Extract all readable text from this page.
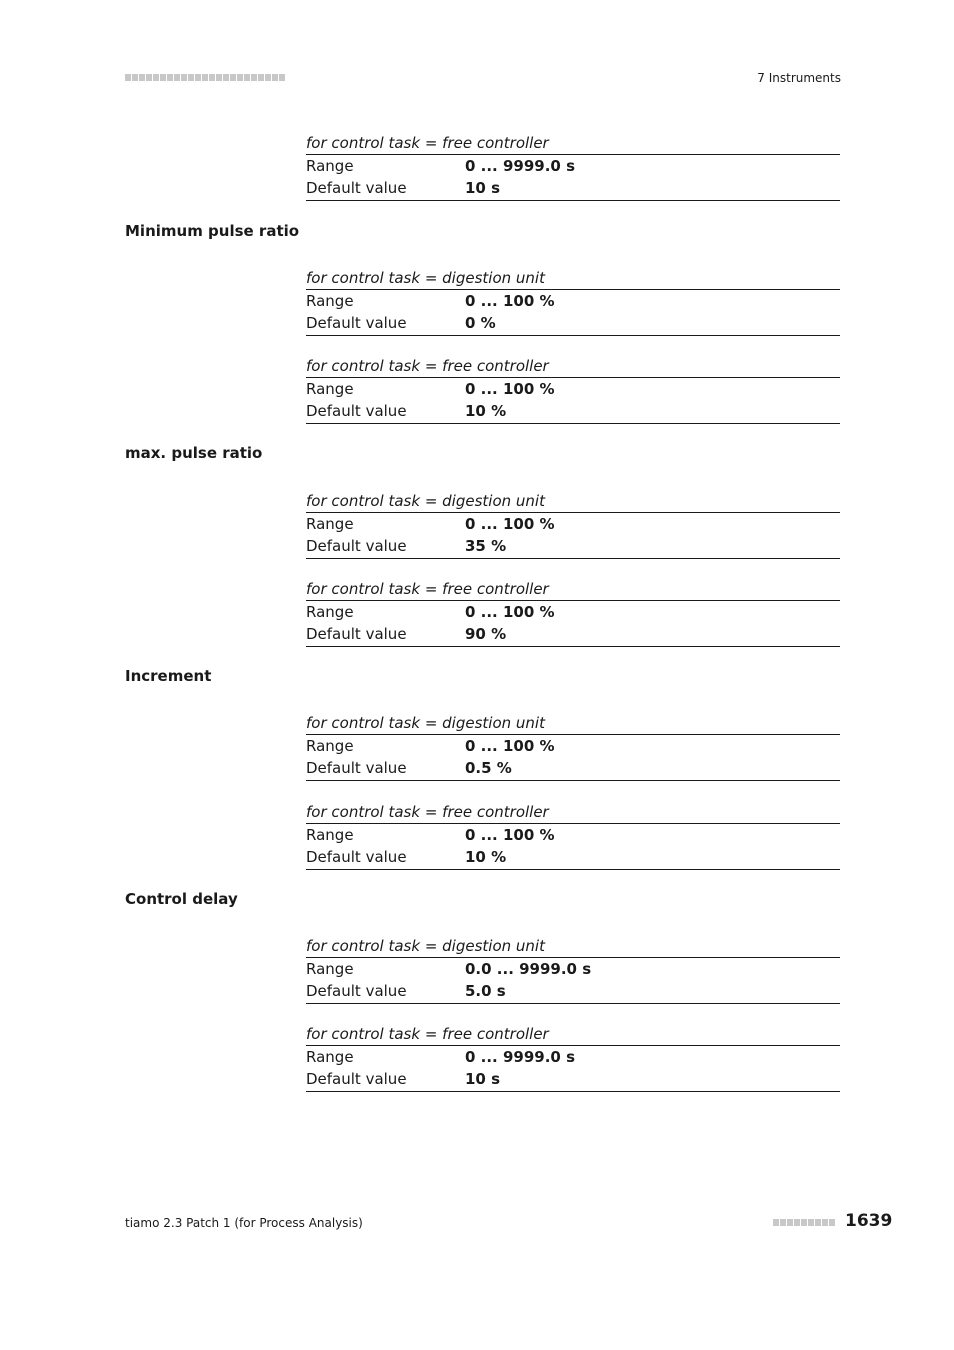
7 Instruments
for control task = free controller
Range	0 ... 9999.0 s
Default value	10 s
Minimum pulse ratio
for control task = digestion unit
Range	0 ... 100 %
Default value	0 %
for control task = free controller
Range	0 ... 100 %
Default value	10 %
max. pulse ratio
for control task = digestion unit
Range	0 ... 100 %
Default value	35 %
for control task = free controller
Range	0 ... 100 %
Default value	90 %
Increment
for control task = digestion unit
Range	0 ... 100 %
Default value	0.5 %
for control task = free controller
Range	0 ... 100 %
Default value	10 %
Control delay
for control task = digestion unit
Range	0.0 ... 9999.0 s
Default value	5.0 s
for control task = free controller
Range	0 ... 9999.0 s
Default value	10 s
tiamo 2.3 Patch 1 (for Process Analysis)	1639
